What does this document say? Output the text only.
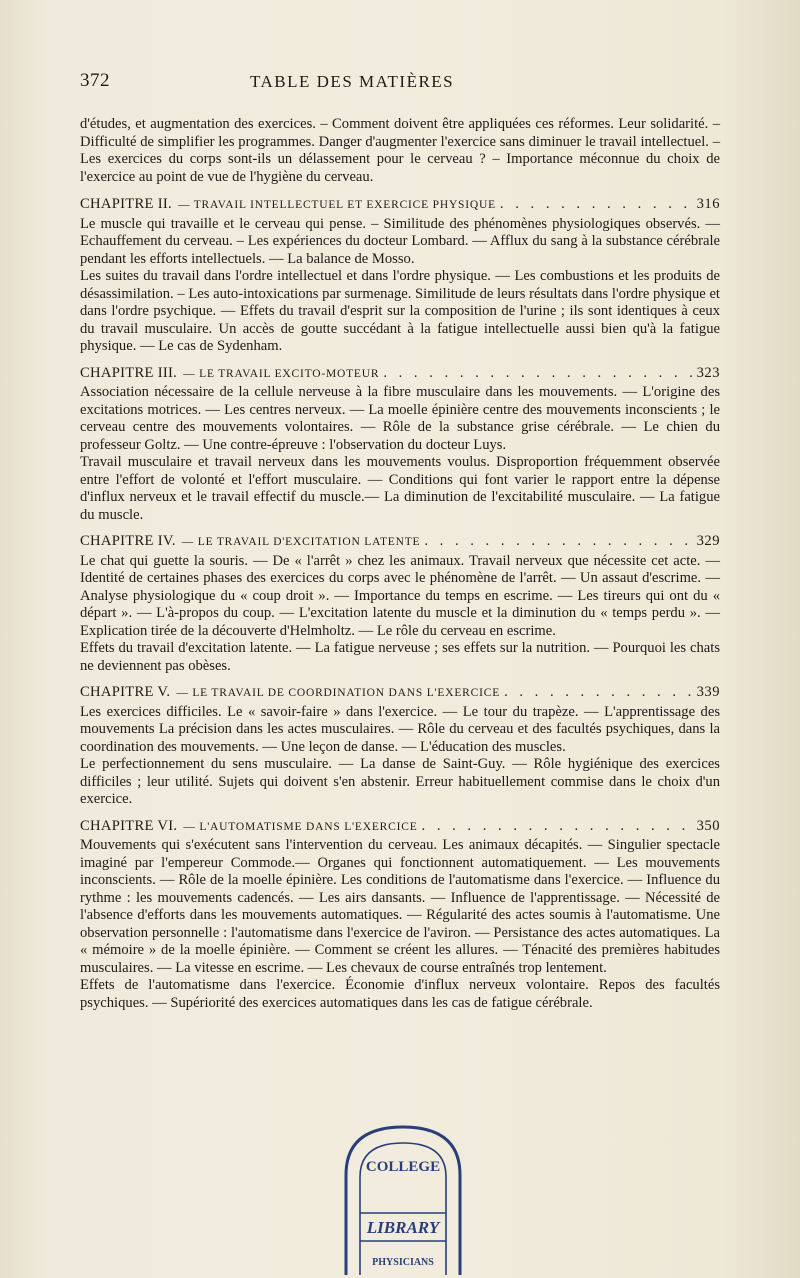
372	TABLE DES MATIÈRES

d'études, et augmentation des exercices. – Comment doivent être appliquées ces réformes. Leur solidarité. – Difficulté de simplifier les programmes. Danger d'augmenter l'exercice sans diminuer le travail intellectuel. – Les exercices du corps sont-ils un délassement pour le cerveau ? – Importance méconnue du choix de l'exercice au point de vue de l'hygiène du cerveau.

CHAPITRE II. — TRAVAIL INTELLECTUEL ET EXERCICE PHYSIQUE . . .	316

Le muscle qui travaille et le cerveau qui pense. – Similitude des phénomènes physiologiques observés. — Echauffement du cerveau. – Les expériences du docteur Lombard. — Afflux du sang à la substance cérébrale pendant les efforts intellectuels. — La balance de Mosso.

Les suites du travail dans l'ordre intellectuel et dans l'ordre physique. — Les combustions et les produits de désassimilation. – Les auto-intoxications par surmenage. Similitude de leurs résultats dans l'ordre physique et dans l'ordre psychique. — Effets du travail d'esprit sur la composition de l'urine ; ils sont identiques à ceux du travail musculaire. Un accès de goutte succédant à la fatigue intellectuelle aussi bien qu'à la fatigue physique. — Le cas de Sydenham.

CHAPITRE III. — LE TRAVAIL EXCITO-MOTEUR . . .	323

Association nécessaire de la cellule nerveuse à la fibre musculaire dans les mouvements. — L'origine des excitations motrices. — Les centres nerveux. — La moelle épinière centre des mouvements inconscients ; le cerveau centre des mouvements volontaires. — Rôle de la substance grise cérébrale. — Le chien du professeur Goltz. — Une contre-épreuve : l'observation du docteur Luys.

Travail musculaire et travail nerveux dans les mouvements voulus. Disproportion fréquemment observée entre l'effort de volonté et l'effort musculaire. — Conditions qui font varier le rapport entre la dépense d'influx nerveux et le travail effectif du muscle.— La diminution de l'excitabilité musculaire. — La fatigue du muscle.

CHAPITRE IV. — LE TRAVAIL D'EXCITATION LATENTE . . .	329

Le chat qui guette la souris. — De « l'arrêt » chez les animaux. Travail nerveux que nécessite cet acte. — Identité de certaines phases des exercices du corps avec le phénomène de l'arrêt. — Un assaut d'escrime. — Analyse physiologique du « coup droit ». — Importance du temps en escrime. — Les tireurs qui ont du « départ ». — L'à-propos du coup. — L'excitation latente du muscle et la diminution du « temps perdu ». — Explication tirée de la découverte d'Helmholtz. — Le rôle du cerveau en escrime.

Effets du travail d'excitation latente. — La fatigue nerveuse ; ses effets sur la nutrition. — Pourquoi les chats ne deviennent pas obèses.

CHAPITRE V. — LE TRAVAIL DE COORDINATION DANS L'EXERCICE . . .	339

Les exercices difficiles. Le « savoir-faire » dans l'exercice. — Le tour du trapèze. — L'apprentissage des mouvements La précision dans les actes musculaires. — Rôle du cerveau et des facultés psychiques, dans la coordination des mouvements. — Une leçon de danse. — L'éducation des muscles.

Le perfectionnement du sens musculaire. — La danse de Saint-Guy. — Rôle hygiénique des exercices difficiles ; leur utilité. Sujets qui doivent s'en abstenir. Erreur habituellement commise dans le choix d'un exercice.

CHAPITRE VI. — L'AUTOMATISME DANS L'EXERCICE . . .	350

Mouvements qui s'exécutent sans l'intervention du cerveau. Les animaux décapités. — Singulier spectacle imaginé par l'empereur Commode.— Organes qui fonctionnent automatiquement. — Les mouvements inconscients. — Rôle de la moelle épinière. Les conditions de l'automatisme dans l'exercice. — Influence du rythme : les mouvements cadencés. — Les airs dansants. — Influence de l'apprentissage. — Nécessité de l'absence d'efforts dans les mouvements automatiques. — Régularité des actes soumis à l'automatisme. Une observation personnelle : l'automatisme dans l'exercice de l'aviron. — Persistance des actes automatiques. La « mémoire » de la moelle épinière. — Comment se créent les allures. — Ténacité des premières habitudes musculaires. — La vitesse en escrime. — Les chevaux de course entraînés trop lentement.

Effets de l'automatisme dans l'exercice. Économie d'influx nerveux volontaire. Repos des facultés psychiques. — Supériorité des exercices automatiques dans les cas de fatigue cérébrale.

COLLEGE
LIBRARY
PHYSICIANS
